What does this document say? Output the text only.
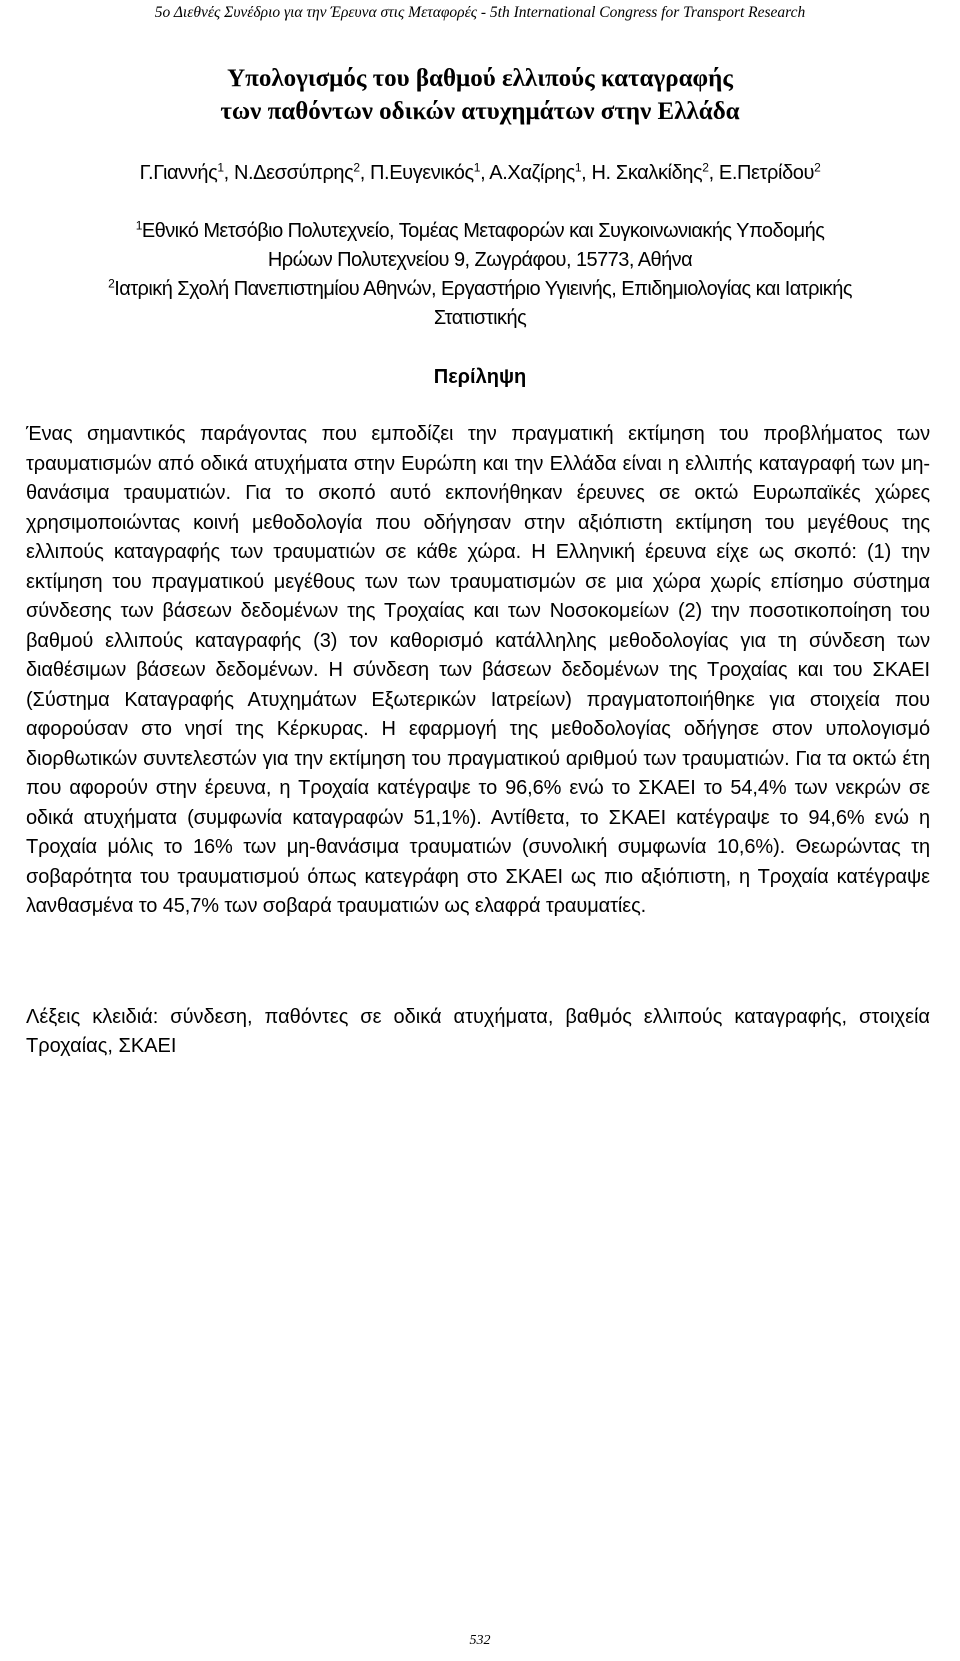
5ο Διεθνές Συνέδριο για την Έρευνα στις Μεταφορές - 5th International Congress for Transport Research
Υπολογισμός του βαθμού ελλιπούς καταγραφής
των παθόντων οδικών ατυχημάτων στην Ελλάδα
Γ.Γιαννής$^1$, Ν.Δεσσύπρης$^2$, Π.Ευγενικός$^1$, Α.Χαζίρης$^1$, Η. Σκαλκίδης$^2$, Ε.Πετρίδου$^2$
$^1$Εθνικό Μετσόβιο Πολυτεχνείο, Τομέας Μεταφορών και Συγκοινωνιακής Υποδομής
Ηρώων Πολυτεχνείου 9, Ζωγράφου, 15773, Αθήνα
$^2$Ιατρική Σχολή Πανεπιστημίου Αθηνών, Εργαστήριο Υγιεινής, Επιδημιολογίας και Ιατρικής
Στατιστικής
Περίληψη
Ένας σημαντικός παράγοντας που εμποδίζει την πραγματική εκτίμηση του προβλήματος των τραυματισμών από οδικά ατυχήματα στην Ευρώπη και την Ελλάδα είναι η ελλιπής καταγραφή των μη-θανάσιμα τραυματιών. Για το σκοπό αυτό εκπονήθηκαν έρευνες σε οκτώ Ευρωπαϊκές χώρες χρησιμοποιώντας κοινή μεθοδολογία που οδήγησαν στην αξιόπιστη εκτίμηση του μεγέθους της ελλιπούς καταγραφής των τραυματιών σε κάθε χώρα. Η Ελληνική έρευνα είχε ως σκοπό: (1) την εκτίμηση του πραγματικού μεγέθους των των τραυματισμών σε μια χώρα χωρίς επίσημο σύστημα σύνδεσης των βάσεων δεδομένων της Τροχαίας και των Νοσοκομείων (2) την ποσοτικοποίηση του βαθμού ελλιπούς καταγραφής (3) τον καθορισμό κατάλληλης μεθοδολογίας για τη σύνδεση των διαθέσιμων βάσεων δεδομένων. Η σύνδεση των βάσεων δεδομένων της Τροχαίας και του ΣΚΑΕΙ (Σύστημα Καταγραφής Ατυχημάτων Εξωτερικών Ιατρείων) πραγματοποιήθηκε για στοιχεία που αφορούσαν στο νησί της Κέρκυρας. Η εφαρμογή της μεθοδολογίας οδήγησε στον υπολογισμό διορθωτικών συντελεστών για την εκτίμηση του πραγματικού αριθμού των τραυματιών. Για τα οκτώ έτη που αφορούν στην έρευνα, η Τροχαία κατέγραψε το 96,6% ενώ το ΣΚΑΕΙ το 54,4% των νεκρών σε οδικά ατυχήματα (συμφωνία καταγραφών 51,1%). Αντίθετα, το ΣΚΑΕΙ κατέγραψε το 94,6% ενώ η Τροχαία μόλις το 16% των μη-θανάσιμα τραυματιών (συνολική συμφωνία 10,6%). Θεωρώντας τη σοβαρότητα του τραυματισμού όπως κατεγράφη στο ΣΚΑΕΙ ως πιο αξιόπιστη, η Τροχαία κατέγραψε λανθασμένα το 45,7% των σοβαρά τραυματιών ως ελαφρά τραυματίες.
Λέξεις κλειδιά: σύνδεση, παθόντες σε οδικά ατυχήματα, βαθμός ελλιπούς καταγραφής, στοιχεία Τροχαίας, ΣΚΑΕΙ
532
